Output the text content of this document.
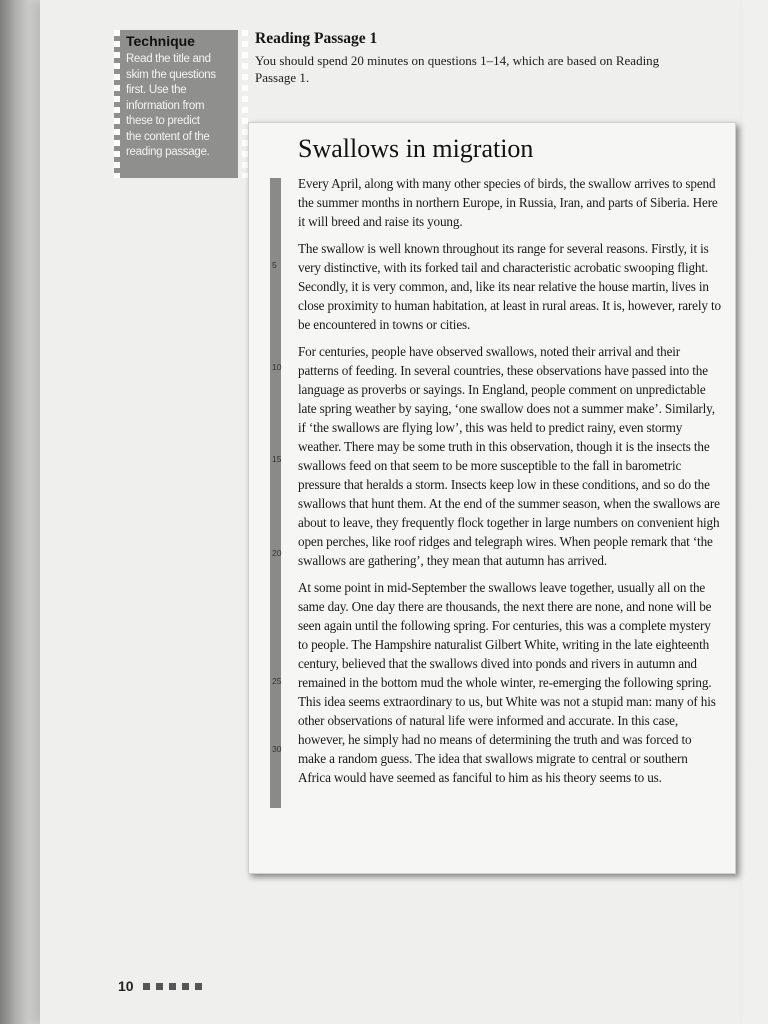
Technique
Read the title and
skim the questions
first. Use the
information from
these to predict
the content of the
reading passage.
Reading Passage 1
You should spend 20 minutes on questions 1–14, which are based on Reading Passage 1.
Swallows in migration

Every April, along with many other species of birds, the swallow arrives to spend the summer months in northern Europe, in Russia, Iran, and parts of Siberia. Here it will breed and raise its young.

The swallow is well known throughout its range for several reasons. Firstly, it is very distinctive, with its forked tail and characteristic acrobatic swooping flight. Secondly, it is very common, and, like its near relative the house martin, lives in close proximity to human habitation, at least in rural areas. It is, however, rarely to be encountered in towns or cities.

For centuries, people have observed swallows, noted their arrival and their patterns of feeding. In several countries, these observations have passed into the language as proverbs or sayings. In England, people comment on unpredictable late spring weather by saying, ‘one swallow does not a summer make’. Similarly, if ‘the swallows are flying low’, this was held to predict rainy, even stormy weather. There may be some truth in this observation, though it is the insects the swallows feed on that seem to be more susceptible to the fall in barometric pressure that heralds a storm. Insects keep low in these conditions, and so do the swallows that hunt them. At the end of the summer season, when the swallows are about to leave, they frequently flock together in large numbers on convenient high open perches, like roof ridges and telegraph wires. When people remark that ‘the swallows are gathering’, they mean that autumn has arrived.

At some point in mid-September the swallows leave together, usually all on the same day. One day there are thousands, the next there are none, and none will be seen again until the following spring. For centuries, this was a complete mystery to people. The Hampshire naturalist Gilbert White, writing in the late eighteenth century, believed that the swallows dived into ponds and rivers in autumn and remained in the bottom mud the whole winter, re-emerging the following spring. This idea seems extraordinary to us, but White was not a stupid man: many of his other observations of natural life were informed and accurate. In this case, however, he simply had no means of determining the truth and was forced to make a random guess. The idea that swallows migrate to central or southern Africa would have seemed as fanciful to him as his theory seems to us.

5
10
15
20
25
30
10
